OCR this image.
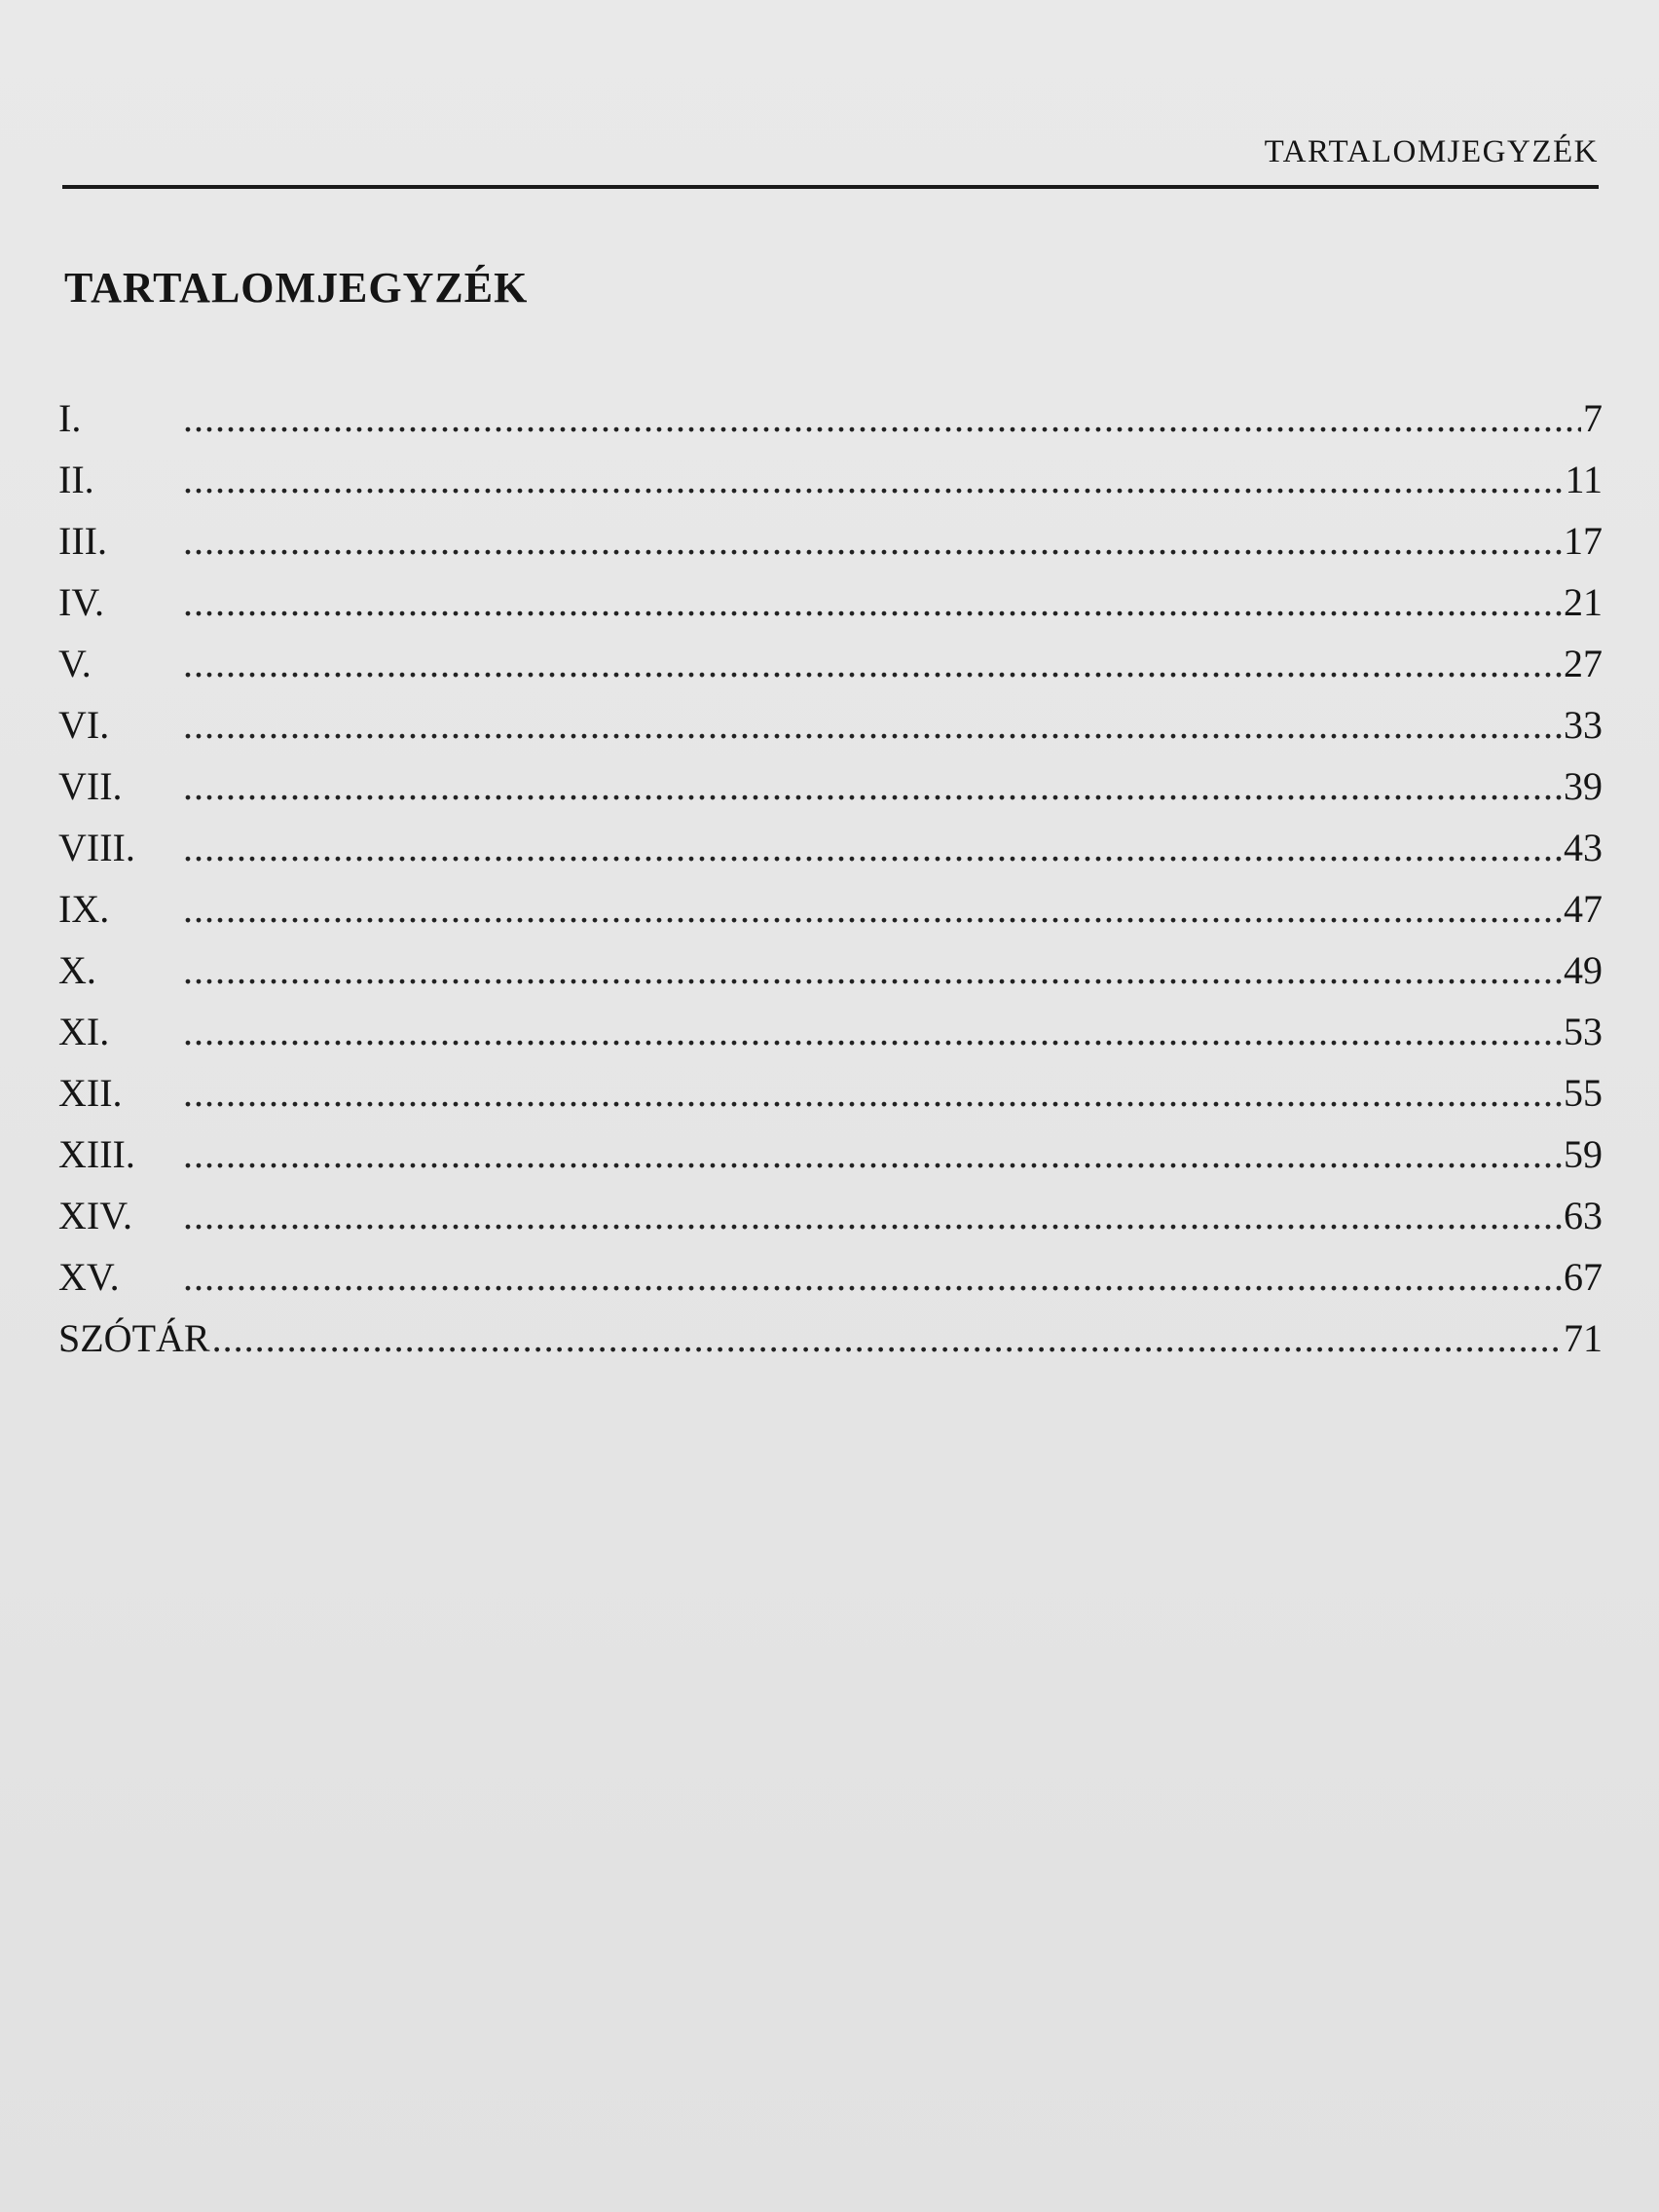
TARTALOMJEGYZÉK
TARTALOMJEGYZÉK
I. .....	7
II. .....	11
III. .....	17
IV. .....	21
V. .....	27
VI. .....	33
VII. .....	39
VIII. .....	43
IX. .....	47
X. .....	49
XI. .....	53
XII. .....	55
XIII. .....	59
XIV. .....	63
XV. .....	67
SZÓTÁR .....	71
